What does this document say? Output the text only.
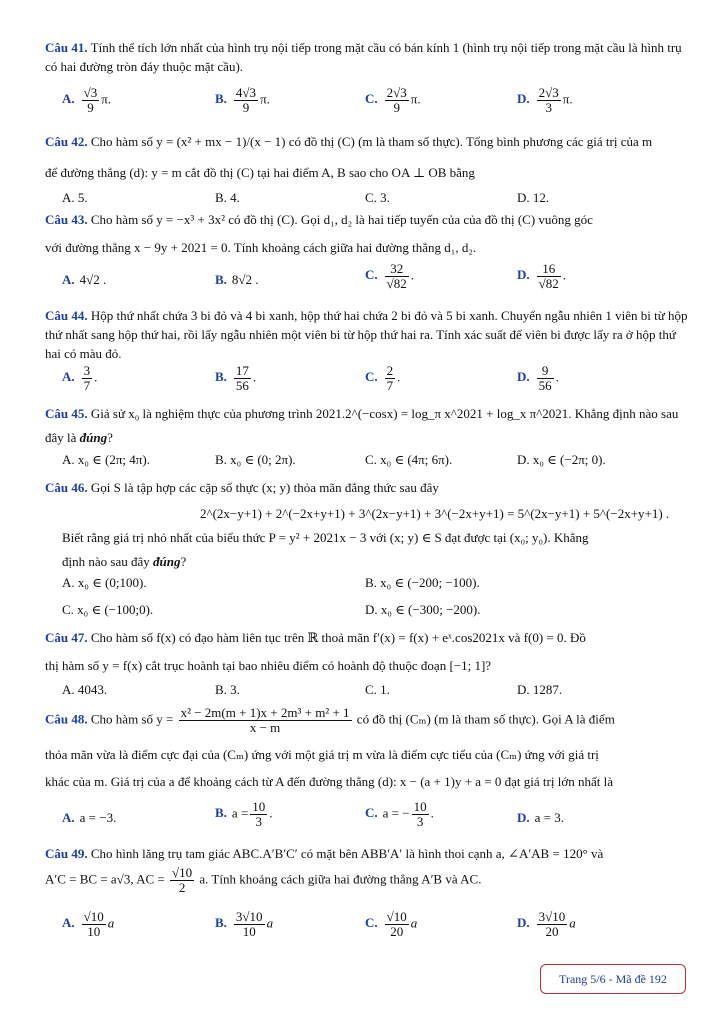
Câu 41. Tính thể tích lớn nhất của hình trụ nội tiếp trong mặt cầu có bán kính 1 (hình trụ nội tiếp trong mặt cầu là hình trụ có hai đường tròn đáy thuộc mặt cầu).
A. $\frac{√3}{9} \pi$.	B. $\frac{4√3}{9} \pi$.	C. $\frac{2√3}{9} \pi$.	D. $\frac{2√3}{3} \pi$.
Câu 42. Cho hàm số y = (x² + mx − 1)/(x − 1) có đồ thị (C) (m là tham số thực). Tổng bình phương các giá trị của m
để đường thẳng (d): y = m cắt đồ thị (C) tại hai điểm A, B sao cho OA ⊥ OB bằng
A. 5.	B. 4.	C. 3.	D. 12.
Câu 43. Cho hàm số y = −x³ + 3x² có đồ thị (C). Gọi d₁, d₂ là hai tiếp tuyến của của đồ thị (C) vuông góc
với đường thẳng x − 9y + 2021 = 0. Tính khoảng cách giữa hai đường thẳng d₁, d₂.
A. 4√2 .	B. 8√2 .	C. $\frac{32}{√82}$ .	D. $\frac{16}{√82}$ .
Câu 44. Hộp thứ nhất chứa 3 bi đỏ và 4 bi xanh, hộp thứ hai chứa 2 bi đỏ và 5 bi xanh. Chuyển ngẫu nhiên 1 viên bi từ hộp thứ nhất sang hộp thứ hai, rồi lấy ngẫu nhiên một viên bi từ hộp thứ hai ra. Tính xác suất để viên bi được lấy ra ở hộp thứ hai có màu đỏ.
A. $\frac{3}{7}$ .	B. $\frac{17}{56}$ .	C. $\frac{2}{7}$ .	D. $\frac{9}{56}$ .
Câu 45. Giả sử x₀ là nghiệm thực của phương trình 2021.2^(−cosx) = log_π x^2021 + log_x π^2021. Khẳng định nào sau
đây là đúng?
A. x₀ ∈ (2π; 4π).	B. x₀ ∈ (0; 2π).	C. x₀ ∈ (4π; 6π).	D. x₀ ∈ (−2π; 0).
Câu 46. Gọi S là tập hợp các cặp số thực (x; y) thỏa mãn đẳng thức sau đây
2^(2x−y+1) + 2^(−2x+y+1) + 3^(2x−y+1) + 3^(−2x+y+1) = 5^(2x−y+1) + 5^(−2x+y+1) .
Biết rằng giá trị nhỏ nhất của biểu thức P = y² + 2021x − 3 với (x; y) ∈ S đạt được tại (x₀; y₀). Khẳng
định nào sau đây đúng?
A. x₀ ∈ (0;100).	B. x₀ ∈ (−200; −100).
C. x₀ ∈ (−100;0).	D. x₀ ∈ (−300; −200).
Câu 47. Cho hàm số f(x) có đạo hàm liên tục trên ℝ thoả mãn f′(x) = f(x) + eˣ.cos2021x và f(0) = 0. Đồ
thị hàm số y = f(x) cắt trục hoành tại bao nhiêu điểm có hoành độ thuộc đoạn [−1; 1]?
A. 4043.	B. 3.	C. 1.	D. 1287.
Câu 48. Cho hàm số $y = \frac{\text{x² − 2m(m + 1)x + 2m³ + m² + 1}}{x - m}$ có đồ thị (Cₘ) (m là tham số thực). Gọi A là điểm
thỏa mãn vừa là điểm cực đại của (Cₘ) ứng với một giá trị m vừa là điểm cực tiểu của (Cₘ) ứng với giá trị
khác của m. Giá trị của a để khoảng cách từ A đến đường thẳng (d): x − (a + 1)y + a = 0 đạt giá trị lớn nhất là
A. a = −3.	B. $a = \frac{10}{3}$ .	C. a = − $\frac{10}{3}$ .	D. a = 3.
Câu 49. Cho hình lăng trụ tam giác ABC.A′B′C′ có mặt bên ABB′A′ là hình thoi cạnh a, ∠A′AB = 120° và
A′C = BC = a√3, AC = $\frac{√10}{2} a$. Tính khoảng cách giữa hai đường thẳng A′B và AC.
A. $\frac{√10}{10}$ a	B. $\frac{3√10}{10}$ a	C. $\frac{√10}{20}$ a	D. $\frac{3√10}{20}$ a
Trang 5/6 - Mã đề 192
